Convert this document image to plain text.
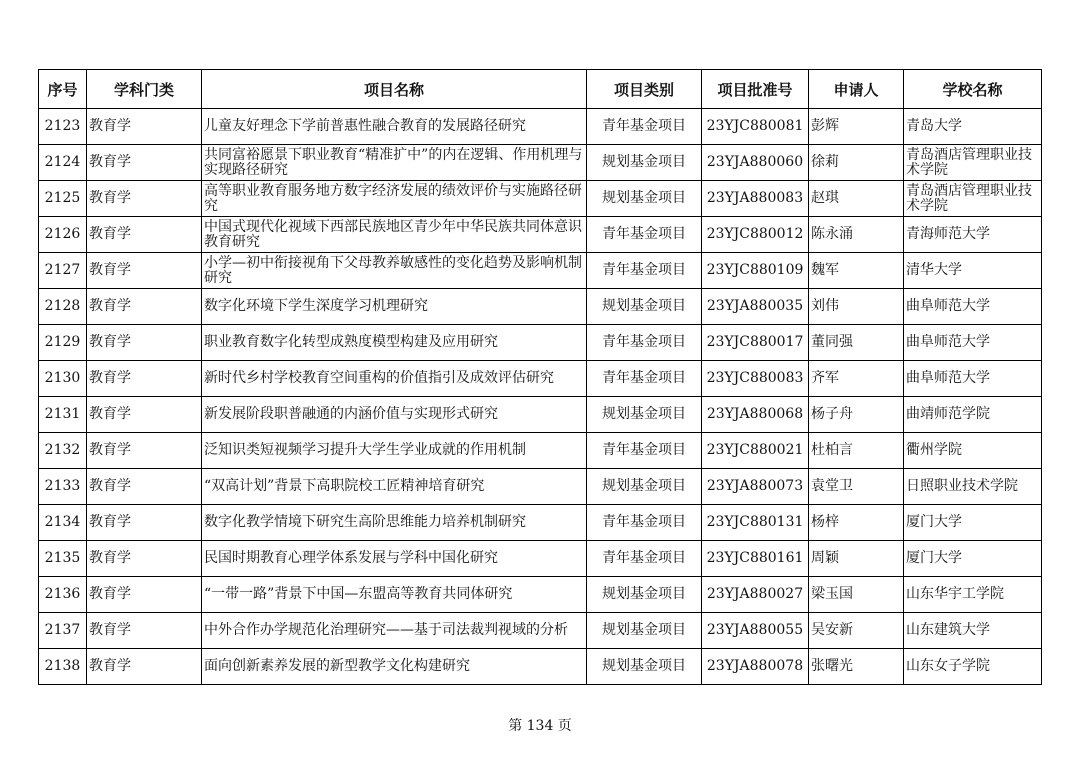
序号	学科门类	项目名称	项目类别	项目批准号	申请人	学校名称
2123	教育学	儿童友好理念下学前普惠性融合教育的发展路径研究	青年基金项目	23YJC880081	彭辉	青岛大学
2124	教育学	共同富裕愿景下职业教育“精准扩中”的内在逻辑、作用机理与实现路径研究	规划基金项目	23YJA880060	徐莉	青岛酒店管理职业技术学院
2125	教育学	高等职业教育服务地方数字经济发展的绩效评价与实施路径研究	规划基金项目	23YJA880083	赵琪	青岛酒店管理职业技术学院
2126	教育学	中国式现代化视域下西部民族地区青少年中华民族共同体意识教育研究	青年基金项目	23YJC880012	陈永涌	青海师范大学
2127	教育学	小学—初中衔接视角下父母教养敏感性的变化趋势及影响机制研究	青年基金项目	23YJC880109	魏军	清华大学
2128	教育学	数字化环境下学生深度学习机理研究	规划基金项目	23YJA880035	刘伟	曲阜师范大学
2129	教育学	职业教育数字化转型成熟度模型构建及应用研究	青年基金项目	23YJC880017	董同强	曲阜师范大学
2130	教育学	新时代乡村学校教育空间重构的价值指引及成效评估研究	青年基金项目	23YJC880083	齐军	曲阜师范大学
2131	教育学	新发展阶段职普融通的内涵价值与实现形式研究	规划基金项目	23YJA880068	杨子舟	曲靖师范学院
2132	教育学	泛知识类短视频学习提升大学生学业成就的作用机制	青年基金项目	23YJC880021	杜柏言	衢州学院
2133	教育学	“双高计划”背景下高职院校工匠精神培育研究	规划基金项目	23YJA880073	袁堂卫	日照职业技术学院
2134	教育学	数字化教学情境下研究生高阶思维能力培养机制研究	青年基金项目	23YJC880131	杨梓	厦门大学
2135	教育学	民国时期教育心理学体系发展与学科中国化研究	青年基金项目	23YJC880161	周颖	厦门大学
2136	教育学	“一带一路”背景下中国—东盟高等教育共同体研究	规划基金项目	23YJA880027	梁玉国	山东华宇工学院
2137	教育学	中外合作办学规范化治理研究——基于司法裁判视域的分析	规划基金项目	23YJA880055	吴安新	山东建筑大学
2138	教育学	面向创新素养发展的新型教学文化构建研究	规划基金项目	23YJA880078	张曙光	山东女子学院
第 134 页
